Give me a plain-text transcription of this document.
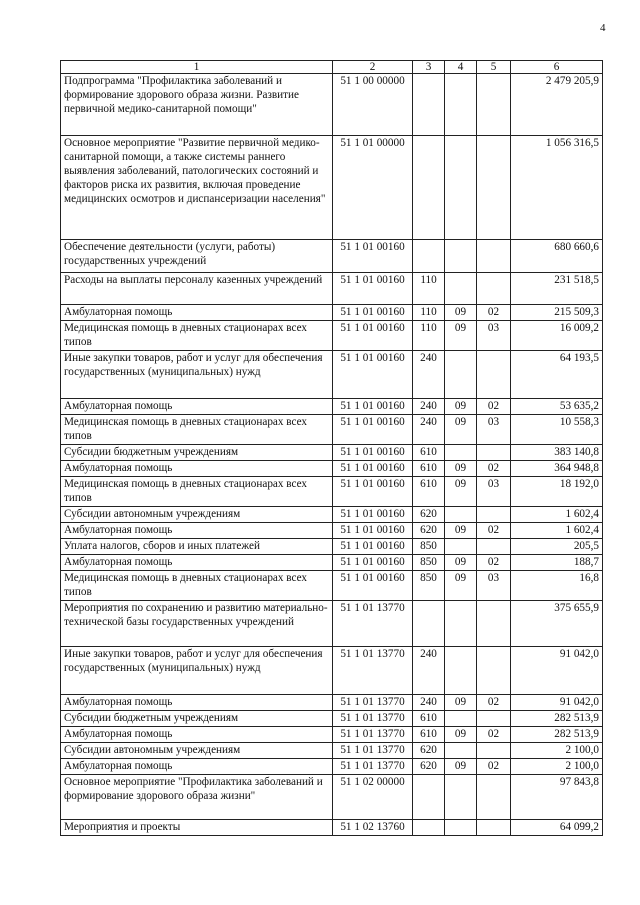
4
1	2	3	4	5	6
Подпрограмма "Профилактика заболеваний и формирование здорового образа жизни. Развитие первичной медико-санитарной помощи"	51 1 00 00000				2 479 205,9
Основное мероприятие "Развитие первичной медико-санитарной помощи, а также системы раннего выявления заболеваний, патологических состояний и факторов риска их развития, включая проведение медицинских осмотров и диспансеризации населения"	51 1 01 00000				1 056 316,5
Обеспечение деятельности (услуги, работы) государственных учреждений	51 1 01 00160				680 660,6
Расходы на выплаты персоналу казенных учреждений	51 1 01 00160	110			231 518,5
Амбулаторная помощь	51 1 01 00160	110	09	02	215 509,3
Медицинская помощь в дневных стационарах всех типов	51 1 01 00160	110	09	03	16 009,2
Иные закупки товаров, работ и услуг для обеспечения государственных (муниципальных) нужд	51 1 01 00160	240			64 193,5
Амбулаторная помощь	51 1 01 00160	240	09	02	53 635,2
Медицинская помощь в дневных стационарах всех типов	51 1 01 00160	240	09	03	10 558,3
Субсидии бюджетным учреждениям	51 1 01 00160	610			383 140,8
Амбулаторная помощь	51 1 01 00160	610	09	02	364 948,8
Медицинская помощь в дневных стационарах всех типов	51 1 01 00160	610	09	03	18 192,0
Субсидии автономным учреждениям	51 1 01 00160	620			1 602,4
Амбулаторная помощь	51 1 01 00160	620	09	02	1 602,4
Уплата налогов, сборов и иных платежей	51 1 01 00160	850			205,5
Амбулаторная помощь	51 1 01 00160	850	09	02	188,7
Медицинская помощь в дневных стационарах всех типов	51 1 01 00160	850	09	03	16,8
Мероприятия по сохранению и развитию материально-технической базы государственных учреждений	51 1 01 13770				375 655,9
Иные закупки товаров, работ и услуг для обеспечения государственных (муниципальных) нужд	51 1 01 13770	240			91 042,0
Амбулаторная помощь	51 1 01 13770	240	09	02	91 042,0
Субсидии бюджетным учреждениям	51 1 01 13770	610			282 513,9
Амбулаторная помощь	51 1 01 13770	610	09	02	282 513,9
Субсидии автономным учреждениям	51 1 01 13770	620			2 100,0
Амбулаторная помощь	51 1 01 13770	620	09	02	2 100,0
Основное мероприятие "Профилактика заболеваний и формирование здорового образа жизни"	51 1 02 00000				97 843,8
Мероприятия и проекты	51 1 02 13760				64 099,2
